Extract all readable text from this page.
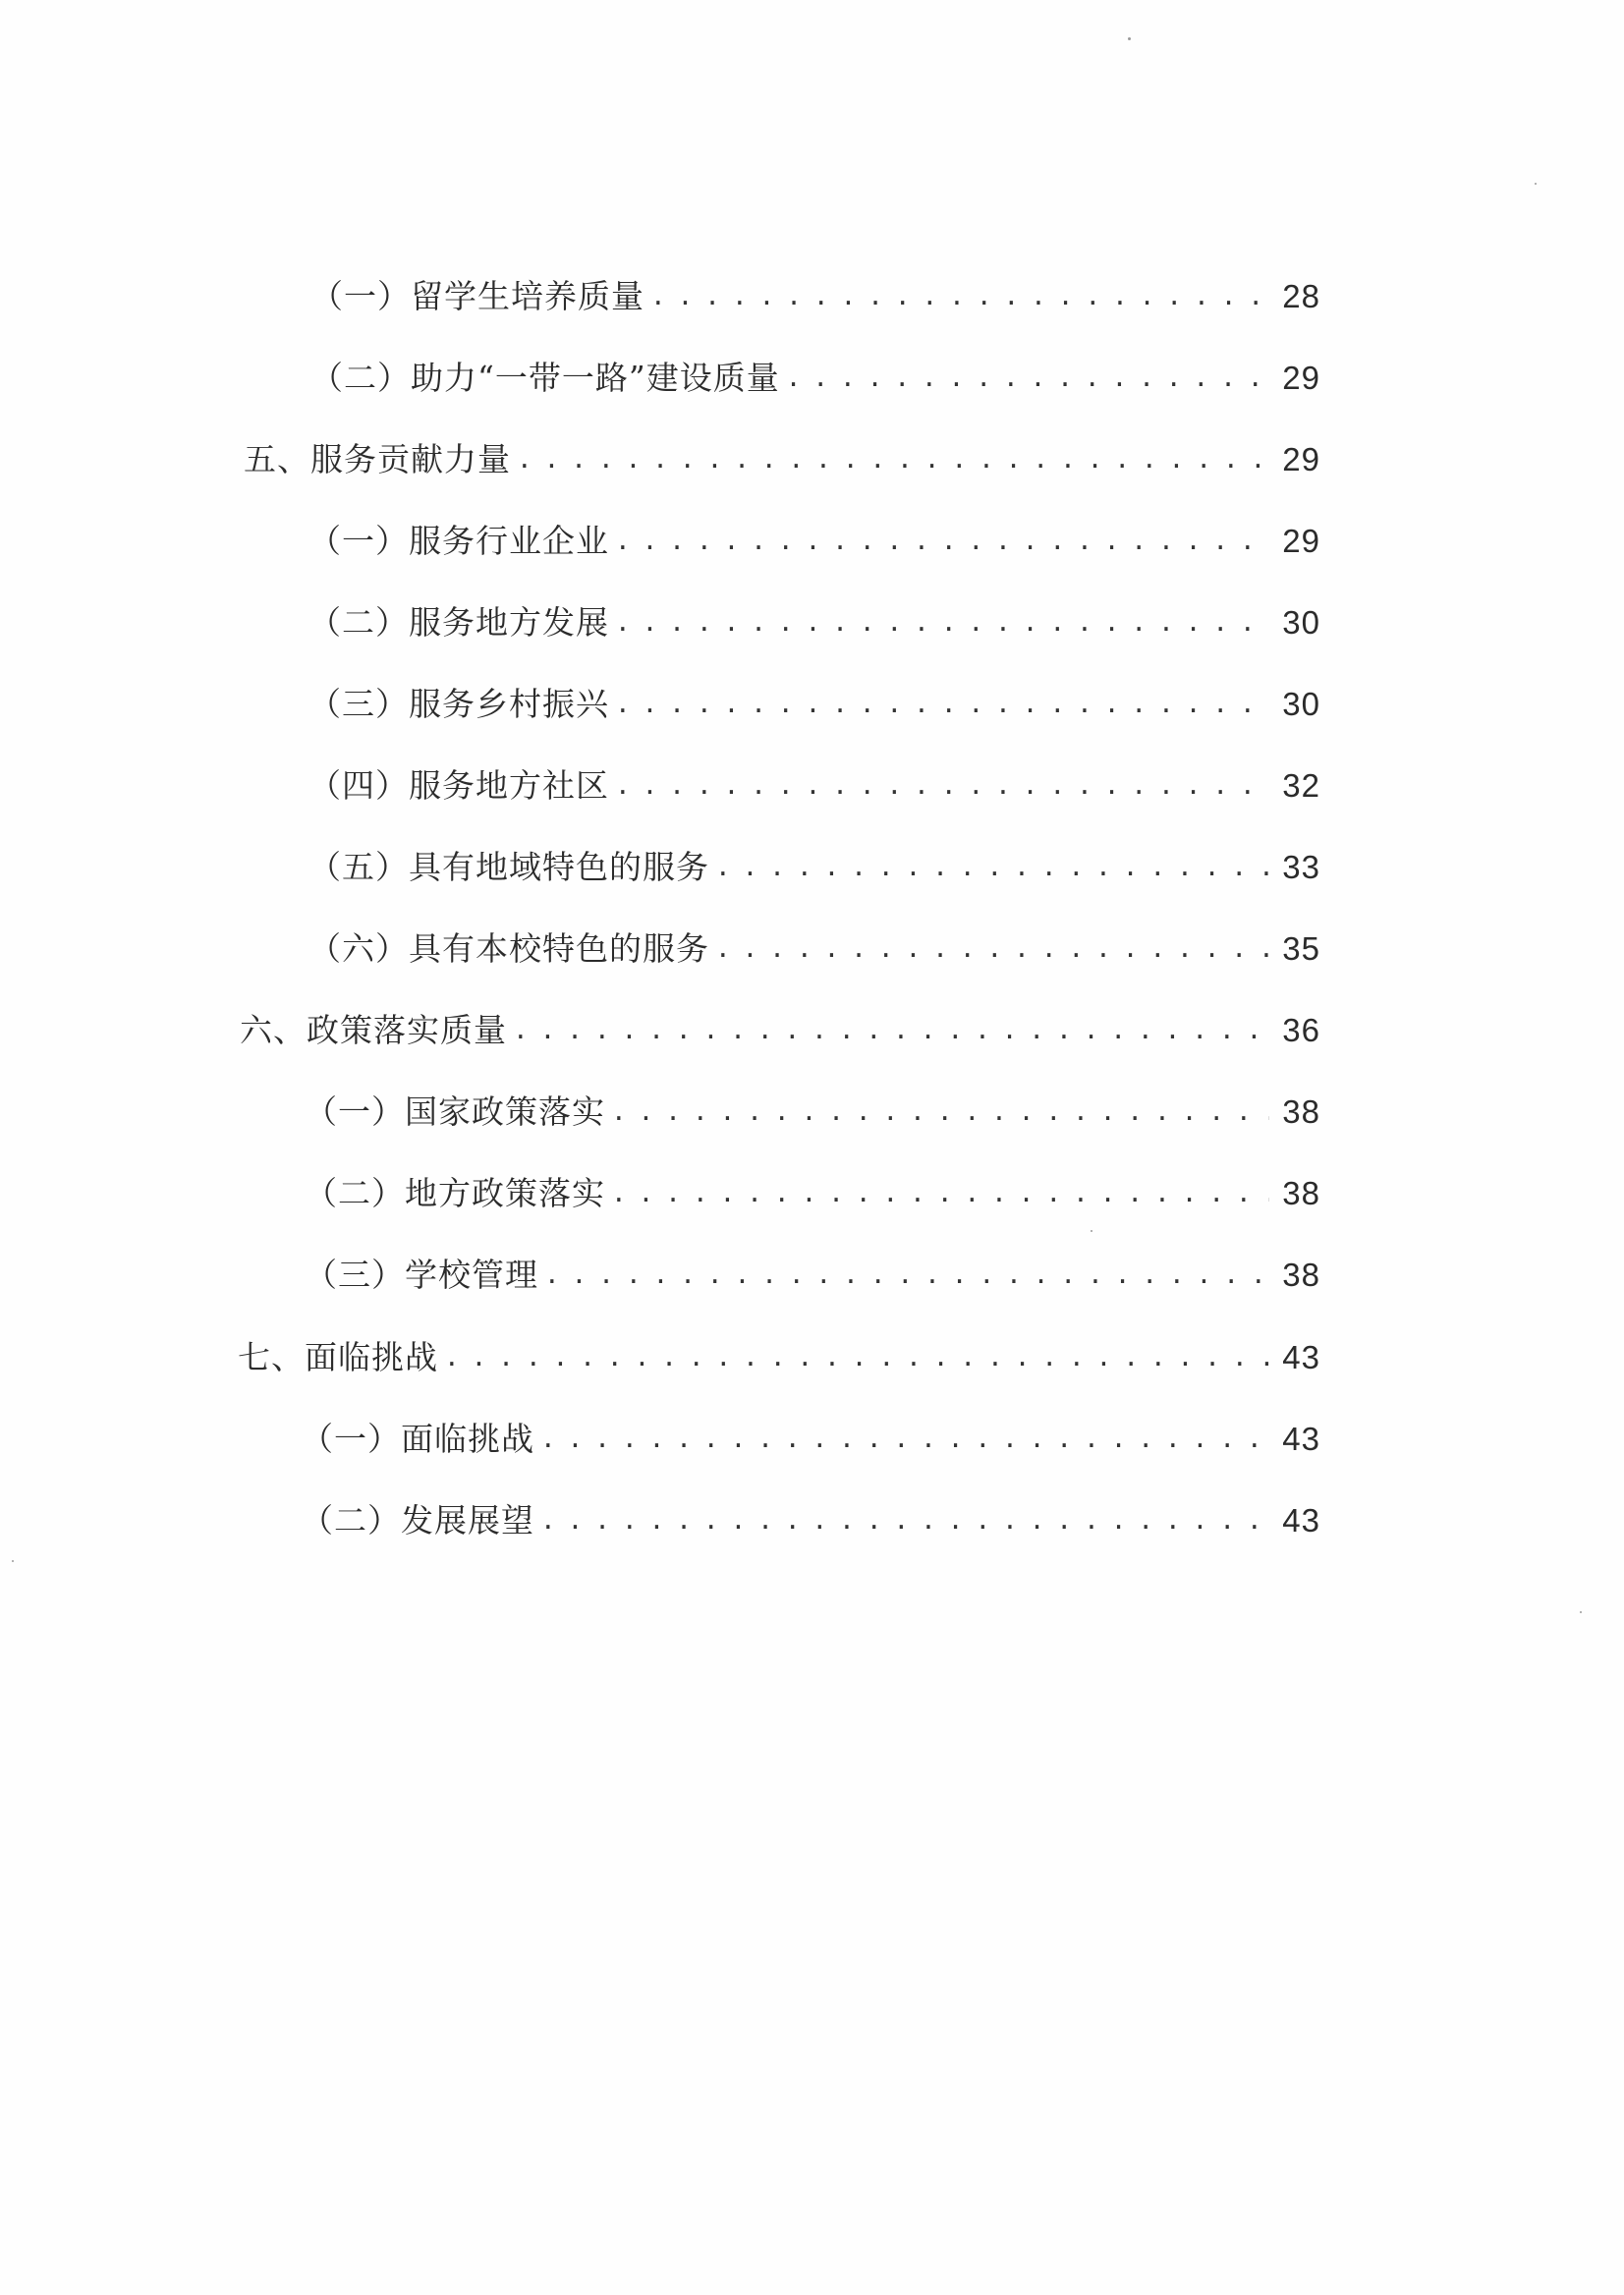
（一）留学生培养质量 .....	28
（二）助力“一带一路”建设质量 .....	29
五、服务贡献力量 .....	29
（一）服务行业企业 .....	29
（二）服务地方发展 .....	30
（三）服务乡村振兴 .....	30
（四）服务地方社区 .....	32
（五）具有地域特色的服务 .....	33
（六）具有本校特色的服务 .....	35
六、政策落实质量 .....	36
（一）国家政策落实 .....	38
（二）地方政策落实 .....	38
（三）学校管理 .....	38
七、面临挑战 .....	43
（一）面临挑战 .....	43
（二）发展展望 .....	43
